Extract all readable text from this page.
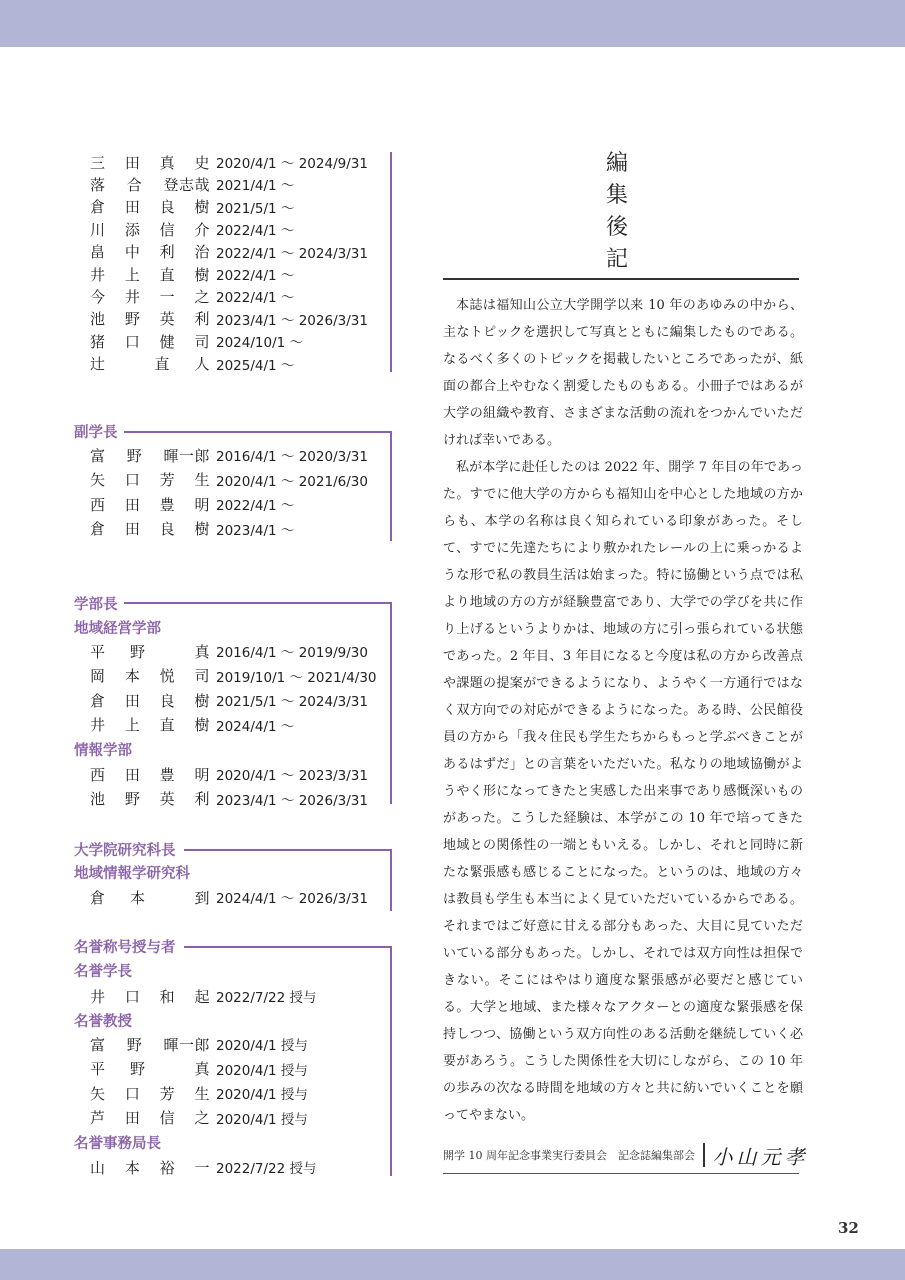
三 田 真 史 2020/4/1 ～ 2024/9/31
落 合 登志哉 2021/4/1 ～
倉 田 良 樹 2021/5/1 ～
川 添 信 介 2022/4/1 ～
畠 中 利 治 2022/4/1 ～ 2024/3/31
井 上 直 樹 2022/4/1 ～
今 井 一 之 2022/4/1 ～
池 野 英 利 2023/4/1 ～ 2026/3/31
猪 口 健 司 2024/10/1 ～
辻	直 人 2025/4/1 ～
副学長
富 野 暉一郎 2016/4/1 ～ 2020/3/31
矢 口 芳 生 2020/4/1 ～ 2021/6/30
西 田 豊 明 2022/4/1 ～
倉 田 良 樹 2023/4/1 ～
学部長
地域経営学部
平 野	真 2016/4/1 ～ 2019/9/30
岡 本 悦 司 2019/10/1 ～ 2021/4/30
倉 田 良 樹 2021/5/1 ～ 2024/3/31
井 上 直 樹 2024/4/1 ～
情報学部
西 田 豊 明 2020/4/1 ～ 2023/3/31
池 野 英 利 2023/4/1 ～ 2026/3/31
大学院研究科長
地域情報学研究科
倉 本	到 2024/4/1 ～ 2026/3/31
名誉称号授与者
名誉学長
井 口 和 起 2022/7/22 授与
名誉教授
富 野 暉一郎 2020/4/1 授与
平 野	真 2020/4/1 授与
矢 口 芳 生 2020/4/1 授与
芦 田 信 之 2020/4/1 授与
名誉事務局長
山 本 裕 一 2022/7/22 授与
編
集
後
記

本誌は福知山公立大学開学以来 10 年のあゆみの中から、主なトピックを選択して写真とともに編集したものである。なるべく多くのトピックを掲載したいところであったが、紙面の都合上やむなく割愛したものもある。小冊子ではあるが大学の組織や教育、さまざまな活動の流れをつかんでいただければ幸いである。

私が本学に赴任したのは 2022 年、開学 7 年目の年であった。すでに他大学の方からも福知山を中心とした地域の方からも、本学の名称は良く知られている印象があった。そして、すでに先達たちにより敷かれたレールの上に乗っかるような形で私の教員生活は始まった。特に協働という点では私より地域の方の方が経験豊富であり、大学での学びを共に作り上げるというよりかは、地域の方に引っ張られている状態であった。2 年目、3 年目になると今度は私の方から改善点や課題の提案ができるようになり、ようやく一方通行ではなく双方向での対応ができるようになった。ある時、公民館役員の方から「我々住民も学生たちからもっと学ぶべきことがあるはずだ」との言葉をいただいた。私なりの地域協働がようやく形になってきたと実感した出来事であり感慨深いものがあった。こうした経験は、本学がこの 10 年で培ってきた地域との関係性の一端ともいえる。しかし、それと同時に新たな緊張感も感じることになった。というのは、地域の方々は教員も学生も本当によく見ていただいているからである。それまではご好意に甘える部分もあった、大目に見ていただいている部分もあった。しかし、それでは双方向性は担保できない。そこにはやはり適度な緊張感が必要だと感じている。大学と地域、また様々なアクターとの適度な緊張感を保持しつつ、協働という双方向性のある活動を継続していく必要があろう。こうした関係性を大切にしながら、この 10 年の歩みの次なる時間を地域の方々と共に紡いでいくことを願ってやまない。

開学 10 周年記念事業実行委員会　記念誌編集部会 小山元孝
32
